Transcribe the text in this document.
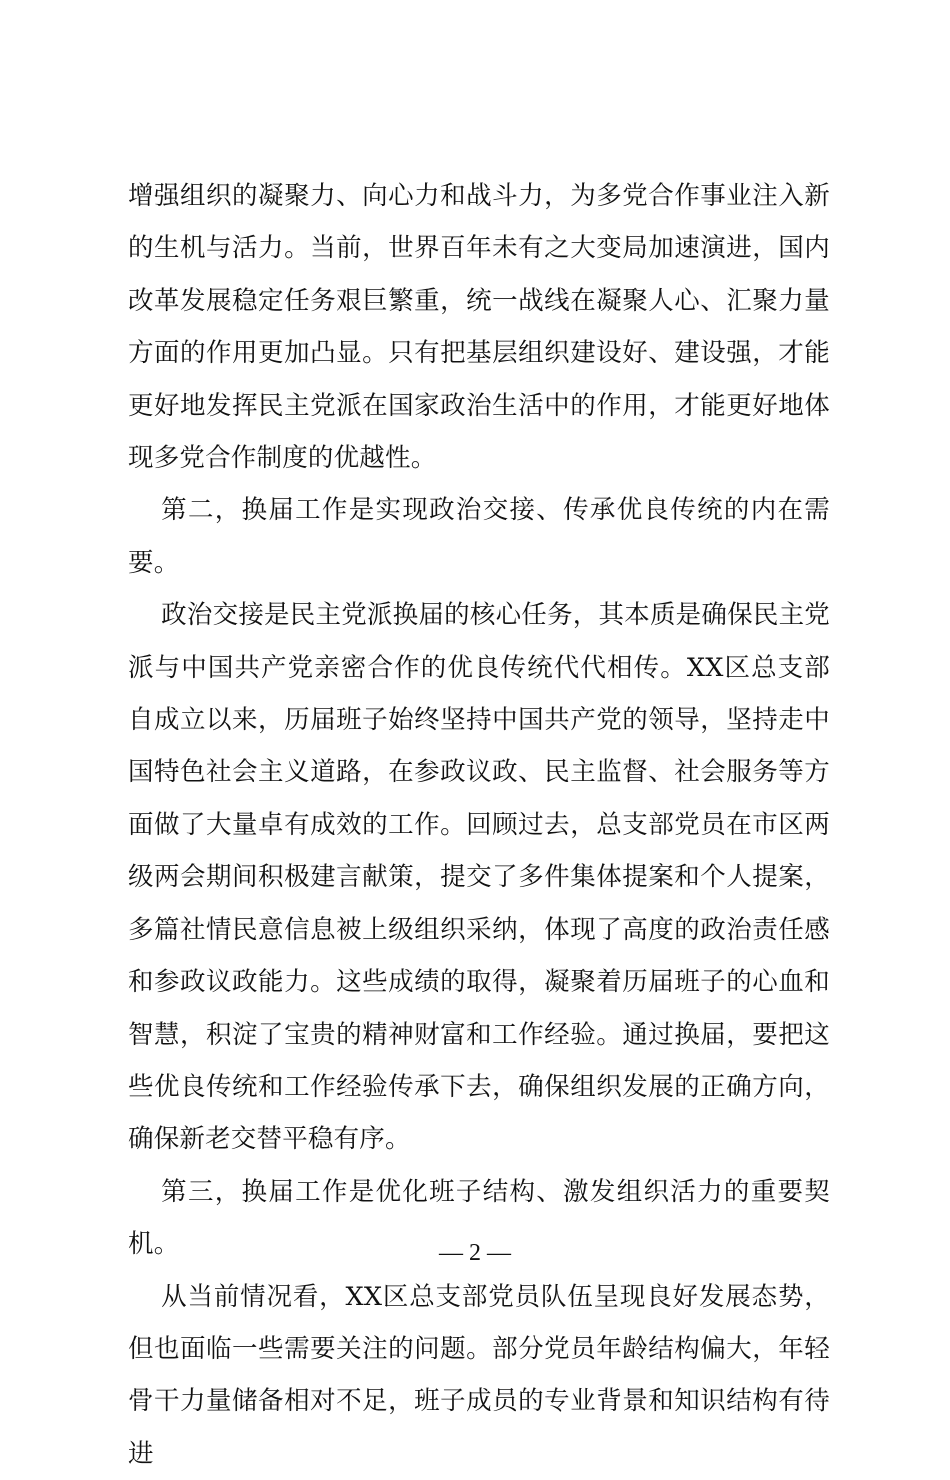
增强组织的凝聚力、向心力和战斗力，为多党合作事业注入新的生机与活力。当前，世界百年未有之大变局加速演进，国内改革发展稳定任务艰巨繁重，统一战线在凝聚人心、汇聚力量方面的作用更加凸显。只有把基层组织建设好、建设强，才能更好地发挥民主党派在国家政治生活中的作用，才能更好地体现多党合作制度的优越性。

第二，换届工作是实现政治交接、传承优良传统的内在需要。

政治交接是民主党派换届的核心任务，其本质是确保民主党派与中国共产党亲密合作的优良传统代代相传。XX区总支部自成立以来，历届班子始终坚持中国共产党的领导，坚持走中国特色社会主义道路，在参政议政、民主监督、社会服务等方面做了大量卓有成效的工作。回顾过去，总支部党员在市区两级两会期间积极建言献策，提交了多件集体提案和个人提案，多篇社情民意信息被上级组织采纳，体现了高度的政治责任感和参政议政能力。这些成绩的取得，凝聚着历届班子的心血和智慧，积淀了宝贵的精神财富和工作经验。通过换届，要把这些优良传统和工作经验传承下去，确保组织发展的正确方向，确保新老交替平稳有序。

第三，换届工作是优化班子结构、激发组织活力的重要契机。

从当前情况看，XX区总支部党员队伍呈现良好发展态势，但也面临一些需要关注的问题。部分党员年龄结构偏大，年轻骨干力量储备相对不足，班子成员的专业背景和知识结构有待进

— 2 —
